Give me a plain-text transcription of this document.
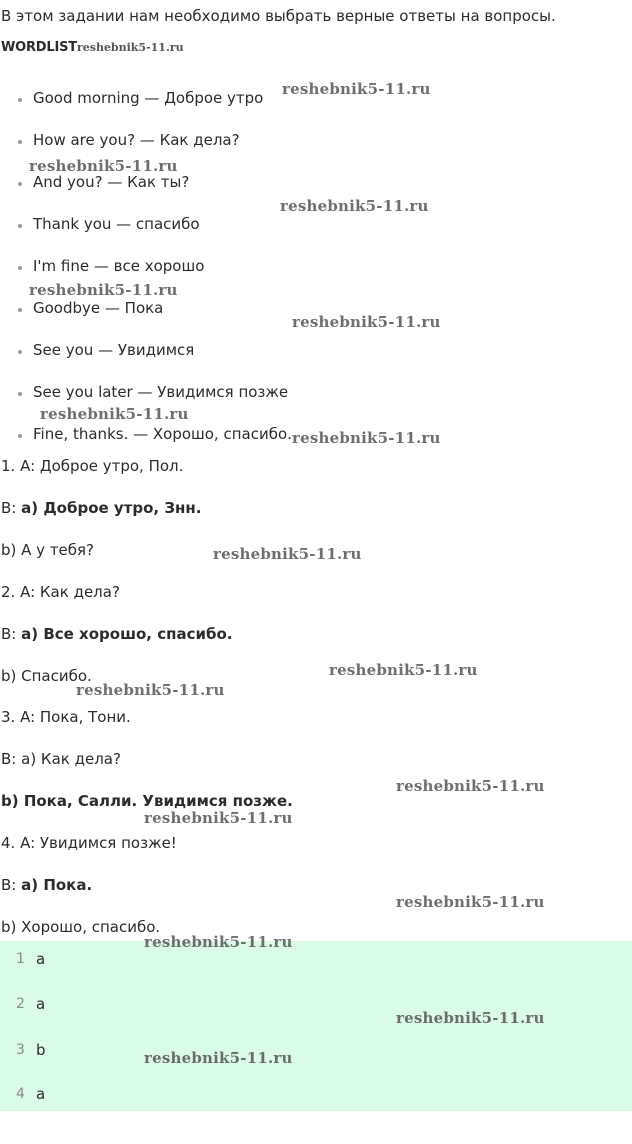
В этом задании нам необходимо выбрать верные ответы на вопросы.
WORDLISTreshebnik5-11.ru
Good morning — Доброе утро
How are you? — Как дела?
And you? — Как ты?
Thank you — спасибо
I'm fine — все хорошо
Goodbye — Пока
See you — Увидимся
See you later — Увидимся позже
Fine, thanks. — Хорошо, спасибо.
1. A: Доброе утро, Пол.
B: a) Доброе утро, Знн.
b) А у тебя?
2. A: Как дела?
B: a) Все хорошо, спасибо.
b) Спасибо.
3. A: Пока, Тони.
B: a) Как дела?
b) Пока, Салли. Увидимся позже.
4. A: Увидимся позже!
B: a) Пока.
b) Хорошо, спасибо.
1 a
2 a
3 b
4 a
reshebnik5-11.ru
reshebnik5-11.ru
reshebnik5-11.ru
reshebnik5-11.ru
reshebnik5-11.ru
reshebnik5-11.ru
reshebnik5-11.ru
reshebnik5-11.ru
reshebnik5-11.ru
reshebnik5-11.ru
reshebnik5-11.ru
reshebnik5-11.ru
reshebnik5-11.ru
reshebnik5-11.ru
reshebnik5-11.ru
reshebnik5-11.ru
